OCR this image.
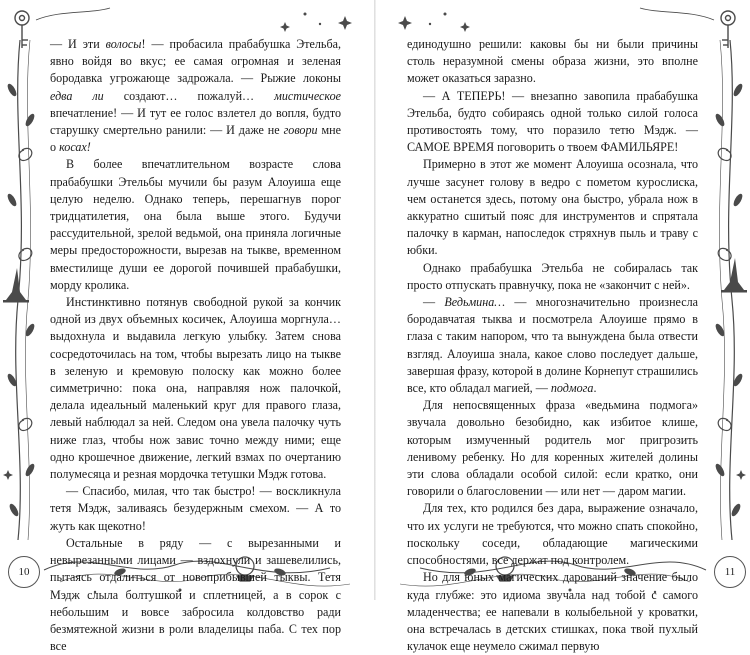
— И эти волосы! — пробасила прабабушка Этельба, явно войдя во вкус; ее самая огромная и зеленая бородавка угрожающе задрожала. — Рыжие локоны едва ли создают… пожалуй… мистическое впечатление! — И тут ее голос взлетел до вопля, будто старушку смертельно ранили: — И даже не говори мне о косах!

В более впечатлительном возрасте слова прабабушки Этельбы мучили бы разум Алоуиша еще целую неделю. Однако теперь, перешагнув порог тридцатилетия, она была выше этого. Будучи рассудительной, зрелой ведьмой, она приняла логичные меры предосторожности, вырезав на тыкве, временном вместилище души ее дорогой почившей прабабушки, морду кролика.

Инстинктивно потянув свободной рукой за кончик одной из двух объемных косичек, Алоуиша моргнула… выдохнула и выдавила легкую улыбку. Затем снова сосредоточилась на том, чтобы вырезать лицо на тыкве в зеленую и кремовую полоску как можно более симметричнo: пока она, направляя нож палочкой, делала идеальный маленький круг для правого глаза, левый наблюдал за ней. Следом она увела палочку чуть ниже глаз, чтобы нож завис точно между ними; еще одно крошечное движение, легкий взмах по очертанию полумесяца и резная мордочка тетушки Мэдж готова.

— Спасибо, милая, что так быстро! — воскликнула тетя Мэдж, заливаясь безудержным смехом. — А то жуть как щекотно!

Остальные в ряду — с вырезанными и невырезанными лицами — вздохнули и зашевелились, пытаясь отдалиться от новоприбывшей тыквы. Тетя Мэдж слыла болтушкой и сплетницей, а в сорок с небольшим и вовсе забросила колдовство ради безмятежной жизни в роли владелицы паба. С тех пор все

10

единодушно решили: каковы бы ни были причины столь неразумной смены образа жизни, это вполне может оказаться заразно.

— А ТЕПЕРЬ! — внезапно завопила прабабушка Этельба, будто собираясь одной только силой голоса противостоять тому, что поразило тетю Мэдж. — САМОЕ ВРЕМЯ поговорить о твоем ФАМИЛЬЯРЕ!

Примерно в этот же момент Алоуиша осознала, что лучше засунет голову в ведро с пометом курослиска, чем останется здесь, потому она быстро, убрала нож в аккуратно сшитый пояс для инструментов и спрятала палочку в карман, напоследок стряхнув пыль и траву с юбки.

Однако прабабушка Этельба не собиралась так просто отпускать правнучку, пока не «закончит с ней».

— Ведьмина… — многозначительно произнесла бородавчатая тыква и посмотрела Алоуише прямо в глаза с таким напором, что та вынуждена была отвести взгляд. Алоуиша знала, какое слово последует дальше, завершая фразу, которой в долине Корнепут страшились все, кто обладал магией, — подмога.

Для непосвященных фраза «ведьмина подмога» звучала довольно безобидно, как избитое клише, которым измученный родитель мог пригрозить ленивому ребенку. Но для коренных жителей долины эти слова обладали особой силой: если кратко, они говорили о благословении — или нет — даром магии.

Для тех, кто родился без дара, выражение означало, что их услуги не требуются, что можно спать спокойно, поскольку соседи, обладающие магическими способностями, все держат под контролем.

Но для юных магических дарований значение было куда глубже: это идиома звучала над тобой с самого младенчества; ее напевали в колыбельной у кроватки, она встречалась в детских стишках, пока твой пухлый кулачок еще неумело сжимал первую

11
